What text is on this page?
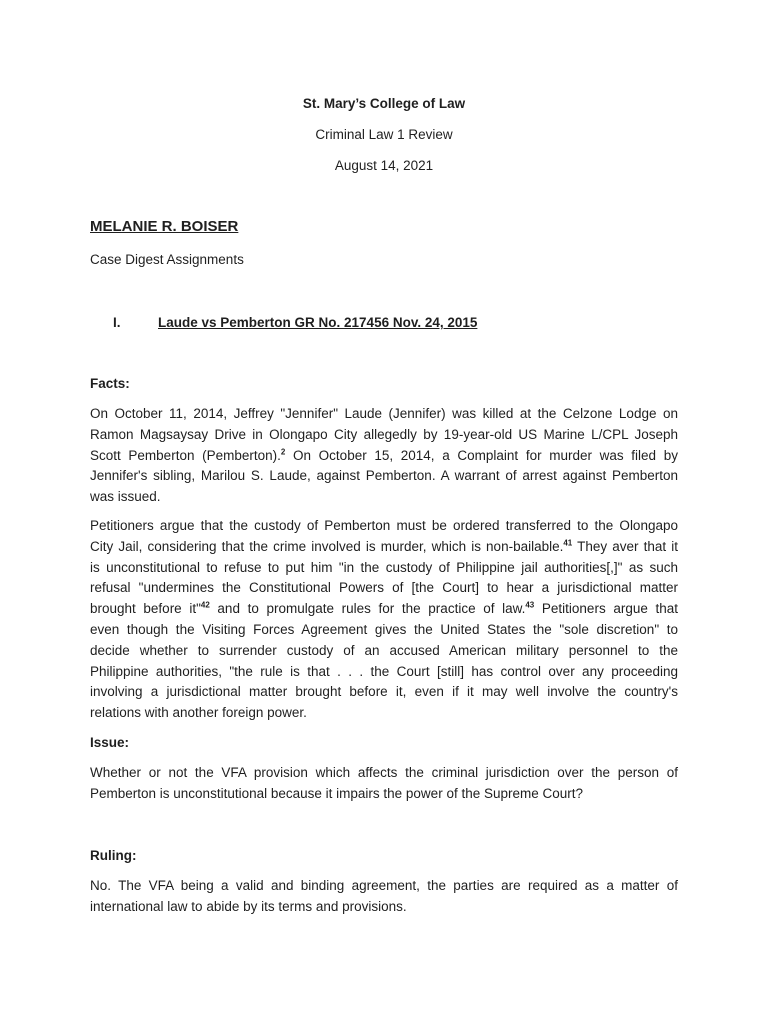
St. Mary’s College of Law
Criminal Law 1 Review
August 14, 2021
MELANIE R. BOISER
Case Digest Assignments
I.	Laude vs Pemberton GR No. 217456 Nov. 24, 2015
Facts:
On October 11, 2014, Jeffrey "Jennifer" Laude (Jennifer) was killed at the Celzone Lodge on
Ramon Magsaysay Drive in Olongapo City allegedly by 19-year-old US Marine L/CPL Joseph
Scott Pemberton (Pemberton).$^2$ On October 15, 2014, a Complaint for murder was filed by
Jennifer's sibling, Marilou S. Laude, against Pemberton. A warrant of arrest against Pemberton
was issued.
Petitioners argue that the custody of Pemberton must be ordered transferred to the Olongapo
City Jail, considering that the crime involved is murder, which is non-bailable.$^{41}$ They aver that it
is unconstitutional to refuse to put him "in the custody of Philippine jail authorities[,]" as such
refusal "undermines the Constitutional Powers of [the Court] to hear a jurisdictional matter
brought before it"$^{42}$ and to promulgate rules for the practice of law.$^{43}$ Petitioners argue that
even though the Visiting Forces Agreement gives the United States the "sole discretion" to
decide whether to surrender custody of an accused American military personnel to the
Philippine authorities, "the rule is that . . . the Court [still] has control over any proceeding
involving a jurisdictional matter brought before it, even if it may well involve the country's
relations with another foreign power.
Issue:
Whether or not the VFA provision which affects the criminal jurisdiction over the person of
Pemberton is unconstitutional because it impairs the power of the Supreme Court?
Ruling:
No. The VFA being a valid and binding agreement, the parties are required as a matter of
international law to abide by its terms and provisions.
